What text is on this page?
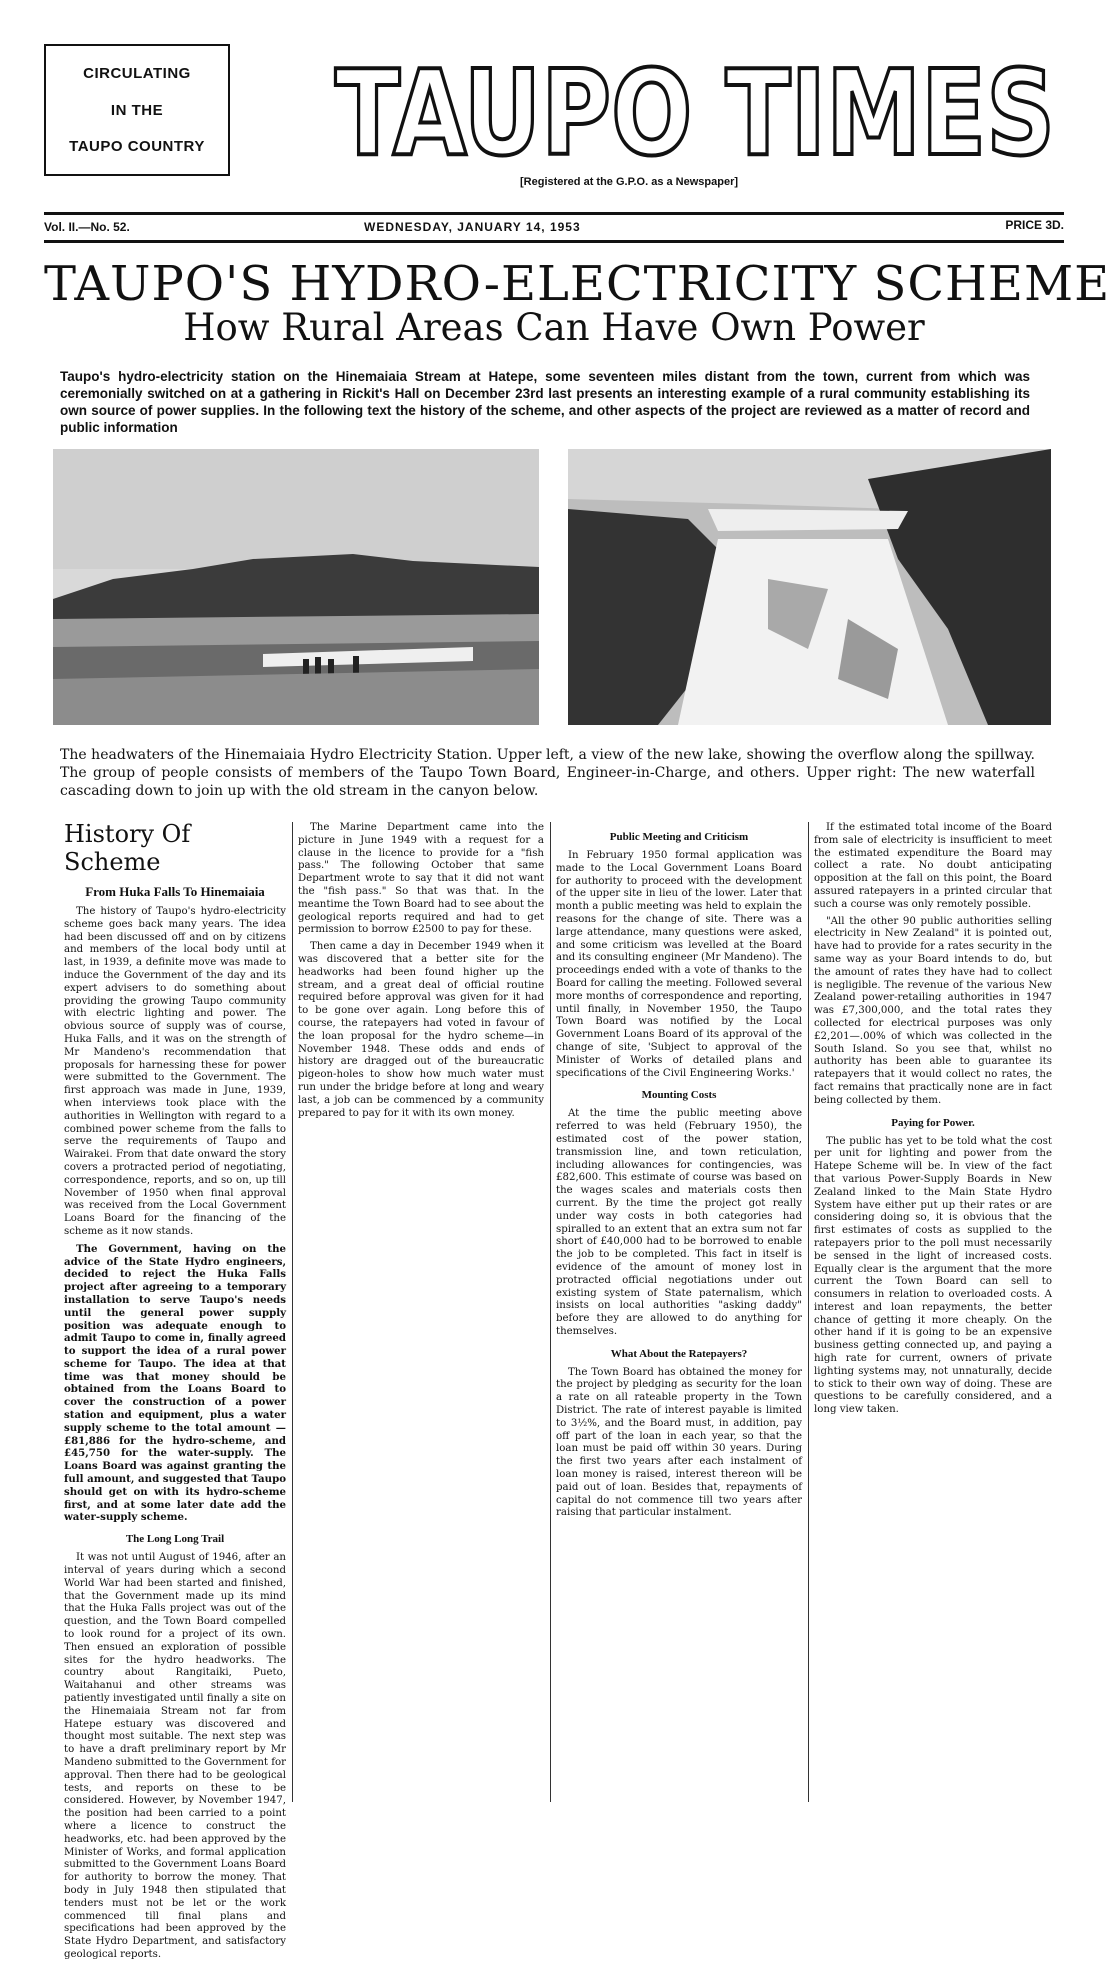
CIRCULATING
IN THE
TAUPO COUNTRY TAUPO TIMES
[Registered at the G.P.O. as a Newspaper]
Vol. II.—No. 52.	WEDNESDAY, JANUARY 14, 1953	PRICE 3D.
TAUPO'S HYDRO-ELECTRICITY SCHEME
How Rural Areas Can Have Own Power
Taupo's hydro-electricity station on the Hinemaiaia Stream at Hatepe, some seventeen miles distant from the town, current from which was ceremonially switched on at a gathering in Rickit's Hall on December 23rd last presents an interesting example of a rural community establishing its own source of power supplies. In the following text the history of the scheme, and other aspects of the project are reviewed as a matter of record and public information
The headwaters of the Hinemaiaia Hydro Electricity Station. Upper left, a view of the new lake, showing the overflow along the spillway. The group of people consists of members of the Taupo Town Board, Engineer-in-Charge, and others. Upper right: The new waterfall cascading down to join up with the old stream in the canyon below.
History Of Scheme
From Huka Falls To Hinemaiaia

The history of Taupo's hydro-electricity scheme goes back many years. The idea had been discussed off and on by citizens and members of the local body until at last, in 1939, a definite move was made to induce the Government of the day and its expert advisers to do something about providing the growing Taupo community with electric lighting and power. The obvious source of supply was of course, Huka Falls, and it was on the strength of Mr Mandeno's recommendation that proposals for harnessing these for power were submitted to the Government. The first approach was made in June, 1939, when interviews took place with the authorities in Wellington with regard to a combined power scheme from the falls to serve the requirements of Taupo and Wairakei. From that date onward the story covers a protracted period of negotiating, correspondence, reports, and so on, up till November of 1950 when final approval was received from the Local Government Loans Board for the financing of the scheme as it now stands.

The Government, having on the advice of the State Hydro engineers, decided to reject the Huka Falls project after agreeing to a temporary installation to serve Taupo's needs until the general power supply position was adequate enough to admit Taupo to come in, finally agreed to support the idea of a rural power scheme for Taupo. The idea at that time was that money should be obtained from the Loans Board to cover the construction of a power station and equipment, plus a water supply scheme to the total amount — £81,886 for the hydro-scheme, and £45,750 for the water-supply. The Loans Board was against granting the full amount, and suggested that Taupo should get on with its hydro-scheme first, and at some later date add the water-supply scheme.

The Long Long Trail

It was not until August of 1946, after an interval of years during which a second World War had been started and finished, that the Government made up its mind that the Huka Falls project was out of the question, and the Town Board compelled to look round for a project of its own. Then ensued an exploration of possible sites for the hydro headworks. The country about Rangitaiki, Pueto, Waitahanui and other streams was patiently investigated until finally a site on the Hinemaiaia Stream not far from Hatepe estuary was discovered and thought most suitable. The next step was to have a draft preliminary report by Mr Mandeno submitted to the Government for approval. Then there had to be geological tests, and reports on these to be considered. However, by November 1947, the position had been carried to a point where a licence to construct the headworks, etc. had been approved by the Minister of Works, and formal application submitted to the Government Loans Board for authority to borrow the money. That body in July 1948 then stipulated that tenders must not be let or the work commenced till final plans and specifications had been approved by the State Hydro Department, and satisfactory geological reports.

The Marine Department came into the picture in June 1949 with a request for a clause in the licence to provide for a "fish pass." The following October that same Department wrote to say that it did not want the "fish pass." So that was that. In the meantime the Town Board had to see about the geological reports required and had to get permission to borrow £2500 to pay for these.

Then came a day in December 1949 when it was discovered that a better site for the headworks had been found higher up the stream, and a great deal of official routine required before approval was given for it had to be gone over again. Long before this of course, the ratepayers had voted in favour of the loan proposal for the hydro scheme—in November 1948. These odds and ends of history are dragged out of the bureaucratic pigeon-holes to show how much water must run under the bridge before at long and weary last, a job can be commenced by a community prepared to pay for it with its own money.

Public Meeting and Criticism

In February 1950 formal application was made to the Local Government Loans Board for authority to proceed with the development of the upper site in lieu of the lower. Later that month a public meeting was held to explain the reasons for the change of site. There was a large attendance, many questions were asked, and some criticism was levelled at the Board and its consulting engineer (Mr Mandeno). The proceedings ended with a vote of thanks to the Board for calling the meeting. Followed several more months of correspondence and reporting, until finally, in November 1950, the Taupo Town Board was notified by the Local Government Loans Board of its approval of the change of site, 'Subject to approval of the Minister of Works of detailed plans and specifications of the Civil Engineering Works.'

Mounting Costs

At the time the public meeting above referred to was held (February 1950), the estimated cost of the power station, transmission line, and town reticulation, including allowances for contingencies, was £82,600. This estimate of course was based on the wages scales and materials costs then current. By the time the project got really under way costs in both categories had spiralled to an extent that an extra sum not far short of £40,000 had to be borrowed to enable the job to be completed. This fact in itself is evidence of the amount of money lost in protracted official negotiations under out existing system of State paternalism, which insists on local authorities "asking daddy" before they are allowed to do anything for themselves.

What About the Ratepayers?

The Town Board has obtained the money for the project by pledging as security for the loan a rate on all rateable property in the Town District. The rate of interest payable is limited to 3½%, and the Board must, in addition, pay off part of the loan in each year, so that the loan must be paid off within 30 years. During the first two years after each instalment of loan money is raised, interest thereon will be paid out of loan. Besides that, repayments of capital do not commence till two years after raising that particular instalment.

If the estimated total income of the Board from sale of electricity is insufficient to meet the estimated expenditure the Board may collect a rate. No doubt anticipating opposition at the fall on this point, the Board assured ratepayers in a printed circular that such a course was only remotely possible.

"All the other 90 public authorities selling electricity in New Zealand" it is pointed out, have had to provide for a rates security in the same way as your Board intends to do, but the amount of rates they have had to collect is negligible. The revenue of the various New Zealand power-retailing authorities in 1947 was £7,300,000, and the total rates they collected for electrical purposes was only £2,201—.00% of which was collected in the South Island. So you see that, whilst no authority has been able to guarantee its ratepayers that it would collect no rates, the fact remains that practically none are in fact being collected by them.

Paying for Power.

The public has yet to be told what the cost per unit for lighting and power from the Hatepe Scheme will be. In view of the fact that various Power-Supply Boards in New Zealand linked to the Main State Hydro System have either put up their rates or are considering doing so, it is obvious that the first estimates of costs as supplied to the ratepayers prior to the poll must necessarily be sensed in the light of increased costs. Equally clear is the argument that the more current the Town Board can sell to consumers in relation to overloaded costs. A interest and loan repayments, the better chance of getting it more cheaply. On the other hand if it is going to be an expensive business getting connected up, and paying a high rate for current, owners of private lighting systems may, not unnaturally, decide to stick to their own way of doing. These are questions to be carefully considered, and a long view taken.
